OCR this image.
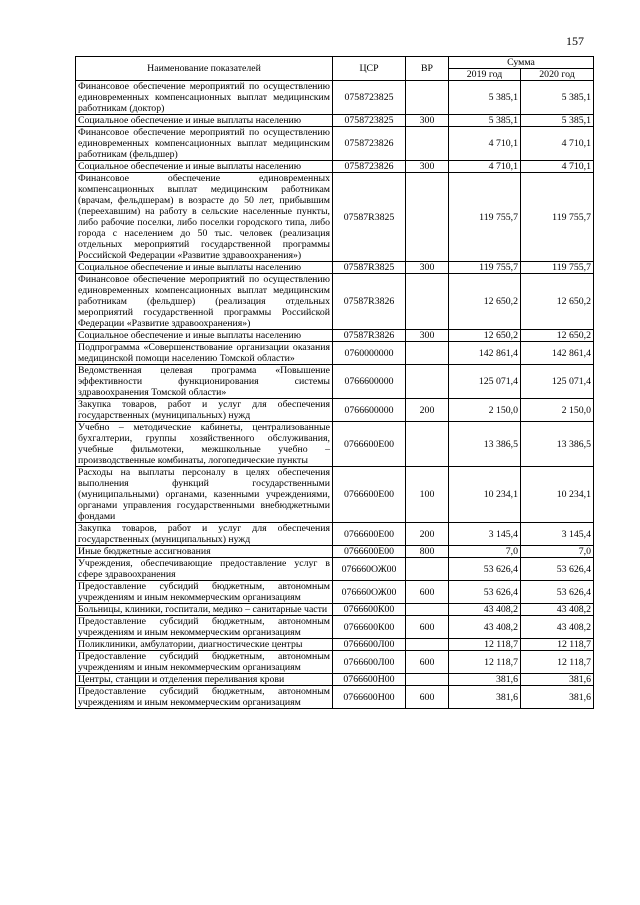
157
Наименование показателей	ЦСР	ВР	Сумма	
			2019 год	2020 год
Финансовое обеспечение мероприятий по осуществлению единовременных компенсационных выплат медицинским работникам (доктор)	0758723825		5 385,1	5 385,1
Социальное обеспечение и иные выплаты населению	0758723825	300	5 385,1	5 385,1
Финансовое обеспечение мероприятий по осуществлению единовременных компенсационных выплат медицинским работникам (фельдшер)	0758723826		4 710,1	4 710,1
Социальное обеспечение и иные выплаты населению	0758723826	300	4 710,1	4 710,1
Финансовое обеспечение единовременных компенсационных выплат медицинским работникам (врачам, фельдшерам) в возрасте до 50 лет, прибывшим (переехавшим) на работу в сельские населенные пункты, либо рабочие поселки, либо поселки городского типа, либо города с населением до 50 тыс. человек (реализация отдельных мероприятий государственной программы Российской Федерации «Развитие здравоохранения»)	07587R3825		119 755,7	119 755,7
Социальное обеспечение и иные выплаты населению	07587R3825	300	119 755,7	119 755,7
Финансовое обеспечение мероприятий по осуществлению единовременных компенсационных выплат медицинским работникам (фельдшер) (реализация отдельных мероприятий государственной программы Российской Федерации «Развитие здравоохранения»)	07587R3826		12 650,2	12 650,2
Социальное обеспечение и иные выплаты населению	07587R3826	300	12 650,2	12 650,2
Подпрограмма «Совершенствование организации оказания медицинской помощи населению Томской области»	0760000000		142 861,4	142 861,4
Ведомственная целевая программа «Повышение эффективности функционирования системы здравоохранения Томской области»	0766600000		125 071,4	125 071,4
Закупка товаров, работ и услуг для обеспечения государственных (муниципальных) нужд	0766600000	200	2 150,0	2 150,0
Учебно – методические кабинеты, централизованные бухгалтерии, группы хозяйственного обслуживания, учебные фильмотеки, межшкольные учебно – производственные комбинаты, логопедические пункты	0766600Е00		13 386,5	13 386,5
Расходы на выплаты персоналу в целях обеспечения выполнения функций государственными (муниципальными) органами, казенными учреждениями, органами управления государственными внебюджетными фондами	0766600Е00	100	10 234,1	10 234,1
Закупка товаров, работ и услуг для обеспечения государственных (муниципальных) нужд	0766600Е00	200	3 145,4	3 145,4
Иные бюджетные ассигнования	0766600Е00	800	7,0	7,0
Учреждения, обеспечивающие предоставление услуг в сфере здравоохранения	076660ОЖ00		53 626,4	53 626,4
Предоставление субсидий бюджетным, автономным учреждениям и иным некоммерческим организациям	076660ОЖ00	600	53 626,4	53 626,4
Больницы, клиники, госпитали, медико – санитарные части	0766600К00		43 408,2	43 408,2
Предоставление субсидий бюджетным, автономным учреждениям и иным некоммерческим организациям	0766600К00	600	43 408,2	43 408,2
Поликлиники, амбулатории, диагностические центры	0766600Л00		12 118,7	12 118,7
Предоставление субсидий бюджетным, автономным учреждениям и иным некоммерческим организациям	0766600Л00	600	12 118,7	12 118,7
Центры, станции и отделения переливания крови	0766600Н00		381,6	381,6
Предоставление субсидий бюджетным, автономным учреждениям и иным некоммерческим организациям	0766600Н00	600	381,6	381,6
